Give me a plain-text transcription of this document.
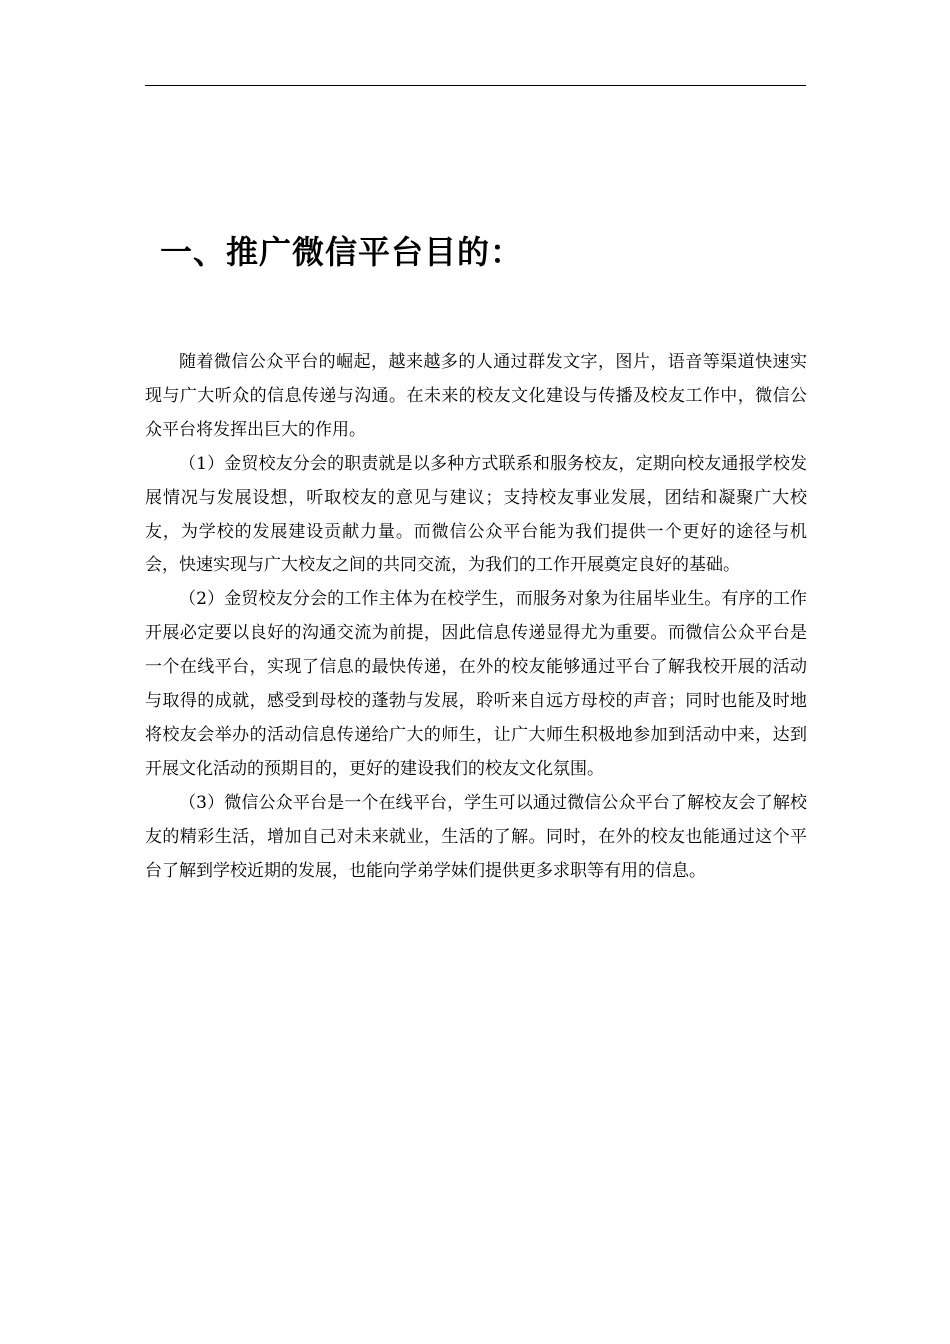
一、推广微信平台目的：

随着微信公众平台的崛起，越来越多的人通过群发文字，图片，语音等渠道快速实现与广大听众的信息传递与沟通。在未来的校友文化建设与传播及校友工作中，微信公众平台将发挥出巨大的作用。

（1）金贸校友分会的职责就是以多种方式联系和服务校友，定期向校友通报学校发展情况与发展设想，听取校友的意见与建议；支持校友事业发展，团结和凝聚广大校友，为学校的发展建设贡献力量。而微信公众平台能为我们提供一个更好的途径与机会，快速实现与广大校友之间的共同交流，为我们的工作开展奠定良好的基础。

（2）金贸校友分会的工作主体为在校学生，而服务对象为往届毕业生。有序的工作开展必定要以良好的沟通交流为前提，因此信息传递显得尤为重要。而微信公众平台是一个在线平台，实现了信息的最快传递，在外的校友能够通过平台了解我校开展的活动与取得的成就，感受到母校的蓬勃与发展，聆听来自远方母校的声音；同时也能及时地将校友会举办的活动信息传递给广大的师生，让广大师生积极地参加到活动中来，达到开展文化活动的预期目的，更好的建设我们的校友文化氛围。

（3）微信公众平台是一个在线平台，学生可以通过微信公众平台了解校友会了解校友的精彩生活，增加自己对未来就业，生活的了解。同时，在外的校友也能通过这个平台了解到学校近期的发展，也能向学弟学妹们提供更多求职等有用的信息。
